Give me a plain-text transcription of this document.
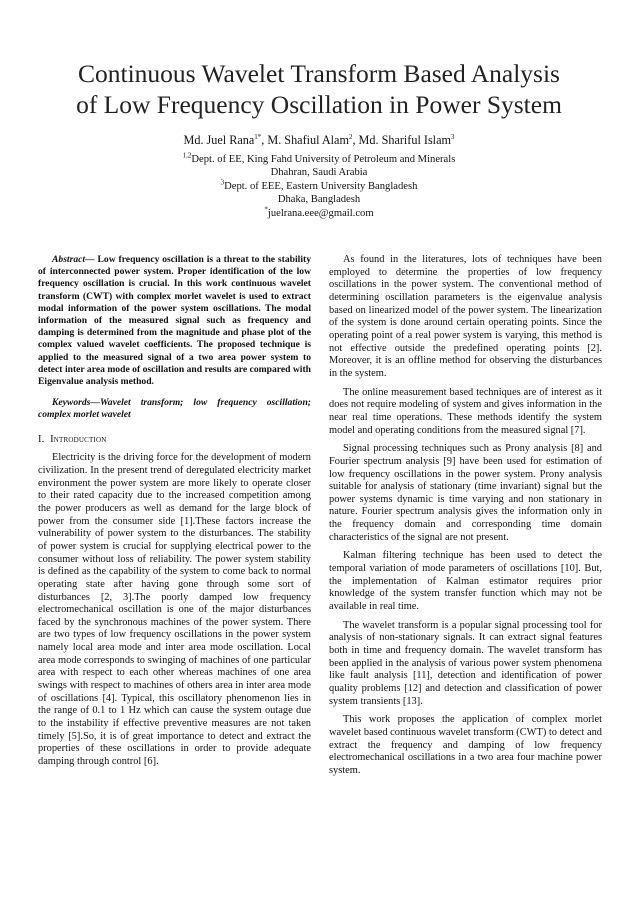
Continuous Wavelet Transform Based Analysis
of Low Frequency Oscillation in Power System
Md. Juel Rana$^{1*}$, M. Shafiul Alam$^2$, Md. Shariful Islam$^3$
$^{1,2}$Dept. of EE, King Fahd University of Petroleum and Minerals
Dhahran, Saudi Arabia
$^3$Dept. of EEE, Eastern University Bangladesh
Dhaka, Bangladesh
*juelrana.eee@gmail.com

Abstract— Low frequency oscillation is a threat to the stability of interconnected power system. Proper identification of the low frequency oscillation is crucial. In this work continuous wavelet transform (CWT) with complex morlet wavelet is used to extract modal information of the power system oscillations. The modal information of the measured signal such as frequency and damping is determined from the magnitude and phase plot of the complex valued wavelet coefficients. The proposed technique is applied to the measured signal of a two area power system to detect inter area mode of oscillation and results are compared with Eigenvalue analysis method.

Keywords—Wavelet transform; low frequency oscillation; complex morlet wavelet

I. Introduction

Electricity is the driving force for the development of modern civilization. In the present trend of deregulated electricity market environment the power system are more likely to operate closer to their rated capacity due to the increased competition among the power producers as well as demand for the large block of power from the consumer side [1].These factors increase the vulnerability of power system to the disturbances. The stability of power system is crucial for supplying electrical power to the consumer without loss of reliability. The power system stability is defined as the capability of the system to come back to normal operating state after having gone through some sort of disturbances [2, 3].The poorly damped low frequency electromechanical oscillation is one of the major disturbances faced by the synchronous machines of the power system. There are two types of low frequency oscillations in the power system namely local area mode and inter area mode oscillation. Local area mode corresponds to swinging of machines of one particular area with respect to each other whereas machines of one area swings with respect to machines of others area in inter area mode of oscillations [4]. Typical, this oscillatory phenomenon lies in the range of 0.1 to 1 Hz which can cause the system outage due to the instability if effective preventive measures are not taken timely [5].So, it is of great importance to detect and extract the properties of these oscillations in order to provide adequate damping through control [6].

As found in the literatures, lots of techniques have been employed to determine the properties of low frequency oscillations in the power system. The conventional method of determining oscillation parameters is the eigenvalue analysis based on linearized model of the power system. The linearization of the system is done around certain operating points. Since the operating point of a real power system is varying, this method is not effective outside the predefined operating points [2]. Moreover, it is an offline method for observing the disturbances in the system.

The online measurement based techniques are of interest as it does not require modeling of system and gives information in the near real time operations. These methods identify the system model and operating conditions from the measured signal [7].

Signal processing techniques such as Prony analysis [8] and Fourier spectrum analysis [9] have been used for estimation of low frequency oscillations in the power system. Prony analysis suitable for analysis of stationary (time invariant) signal but the power systems dynamic is time varying and non stationary in nature. Fourier spectrum analysis gives the information only in the frequency domain and corresponding time domain characteristics of the signal are not present.

Kalman filtering technique has been used to detect the temporal variation of mode parameters of oscillations [10]. But, the implementation of Kalman estimator requires prior knowledge of the system transfer function which may not be available in real time.

The wavelet transform is a popular signal processing tool for analysis of non-stationary signals. It can extract signal features both in time and frequency domain. The wavelet transform has been applied in the analysis of various power system phenomena like fault analysis [11], detection and identification of power quality problems [12] and detection and classification of power system transients [13].

This work proposes the application of complex morlet wavelet based continuous wavelet transform (CWT) to detect and extract the frequency and damping of low frequency electromechanical oscillations in a two area four machine power system.
